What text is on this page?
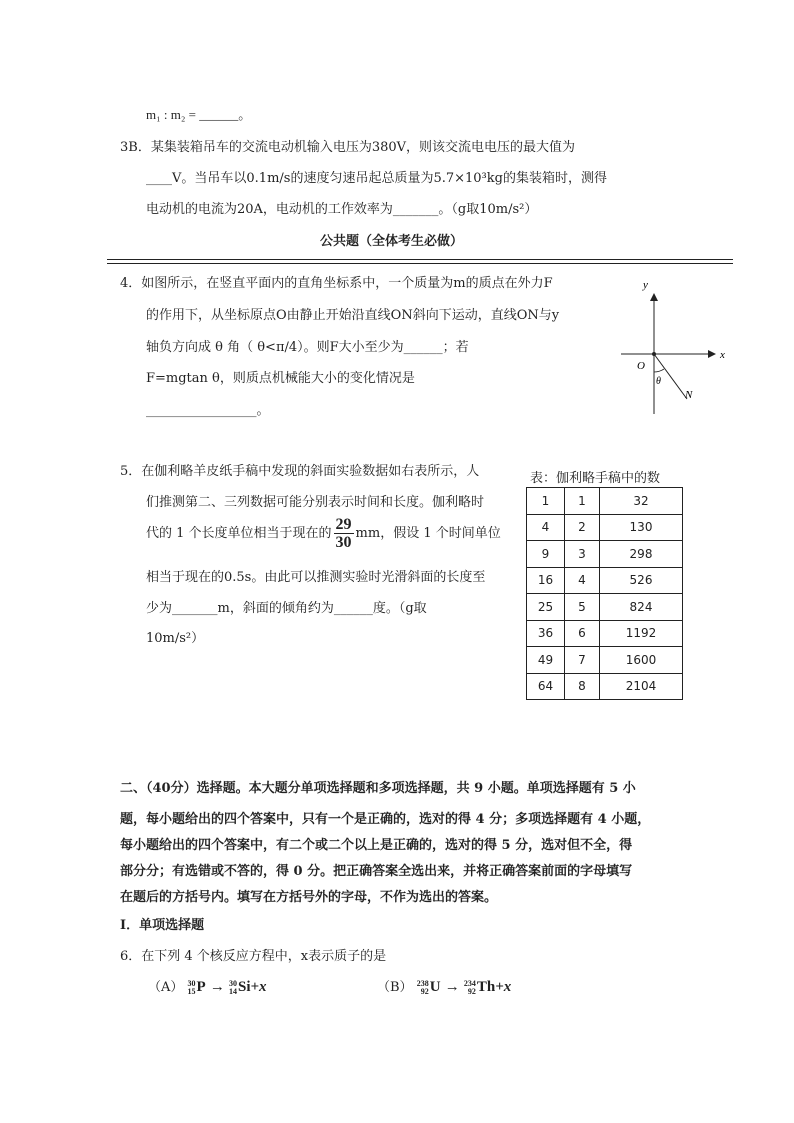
m₁ : m₂ = ______。
3B．某集装箱吊车的交流电动机输入电压为380V，则该交流电电压的最大值为
____V。当吊车以0.1m/s的速度匀速吊起总质量为5.7×10³kg的集装箱时，测得
电动机的电流为20A，电动机的工作效率为_______。（g取10m/s²）
公共题（全体考生必做）
4．如图所示，在竖直平面内的直角坐标系中，一个质量为m的质点在外力F
的作用下，从坐标原点O由静止开始沿直线ON斜向下运动，直线ON与y
轴负方向成 θ 角（ θ<π/4）。则F大小至少为______；若
F=mgtan θ，则质点机械能大小的变化情况是
_________________。
y
x
O
θ
N
5．在伽利略羊皮纸手稿中发现的斜面实验数据如右表所示，人
们推测第二、三列数据可能分别表示时间和长度。伽利略时
代的 1 个长度单位相当于现在的 $\frac{29}{30}$ mm，假设 1 个时间单位
相当于现在的0.5s。由此可以推测实验时光滑斜面的长度至
少为_______m，斜面的倾角约为______度。（g取
10m/s²）
表：伽利略手稿中的数
1	1	32
4	2	130
9	3	298
16	4	526
25	5	824
36	6	1192
49	7	1600
64	8	2104
二、（40分）选择题。本大题分单项选择题和多项选择题，共 9 小题。单项选择题有 5 小
题，每小题给出的四个答案中，只有一个是正确的，选对的得 4 分；多项选择题有 4 小题，
每小题给出的四个答案中，有二个或二个以上是正确的，选对的得 5 分，选对但不全，得
部分分；有选错或不答的，得 0 分。把正确答案全选出来，并将正确答案前面的字母填写
在题后的方括号内。填写在方括号外的字母，不作为选出的答案。
Ⅰ．单项选择题
6．在下列 4 个核反应方程中，x表示质子的是
（A） 30
15 P → 30
14 Si+x	（B） 238
92 U → 234
92 Th+x
